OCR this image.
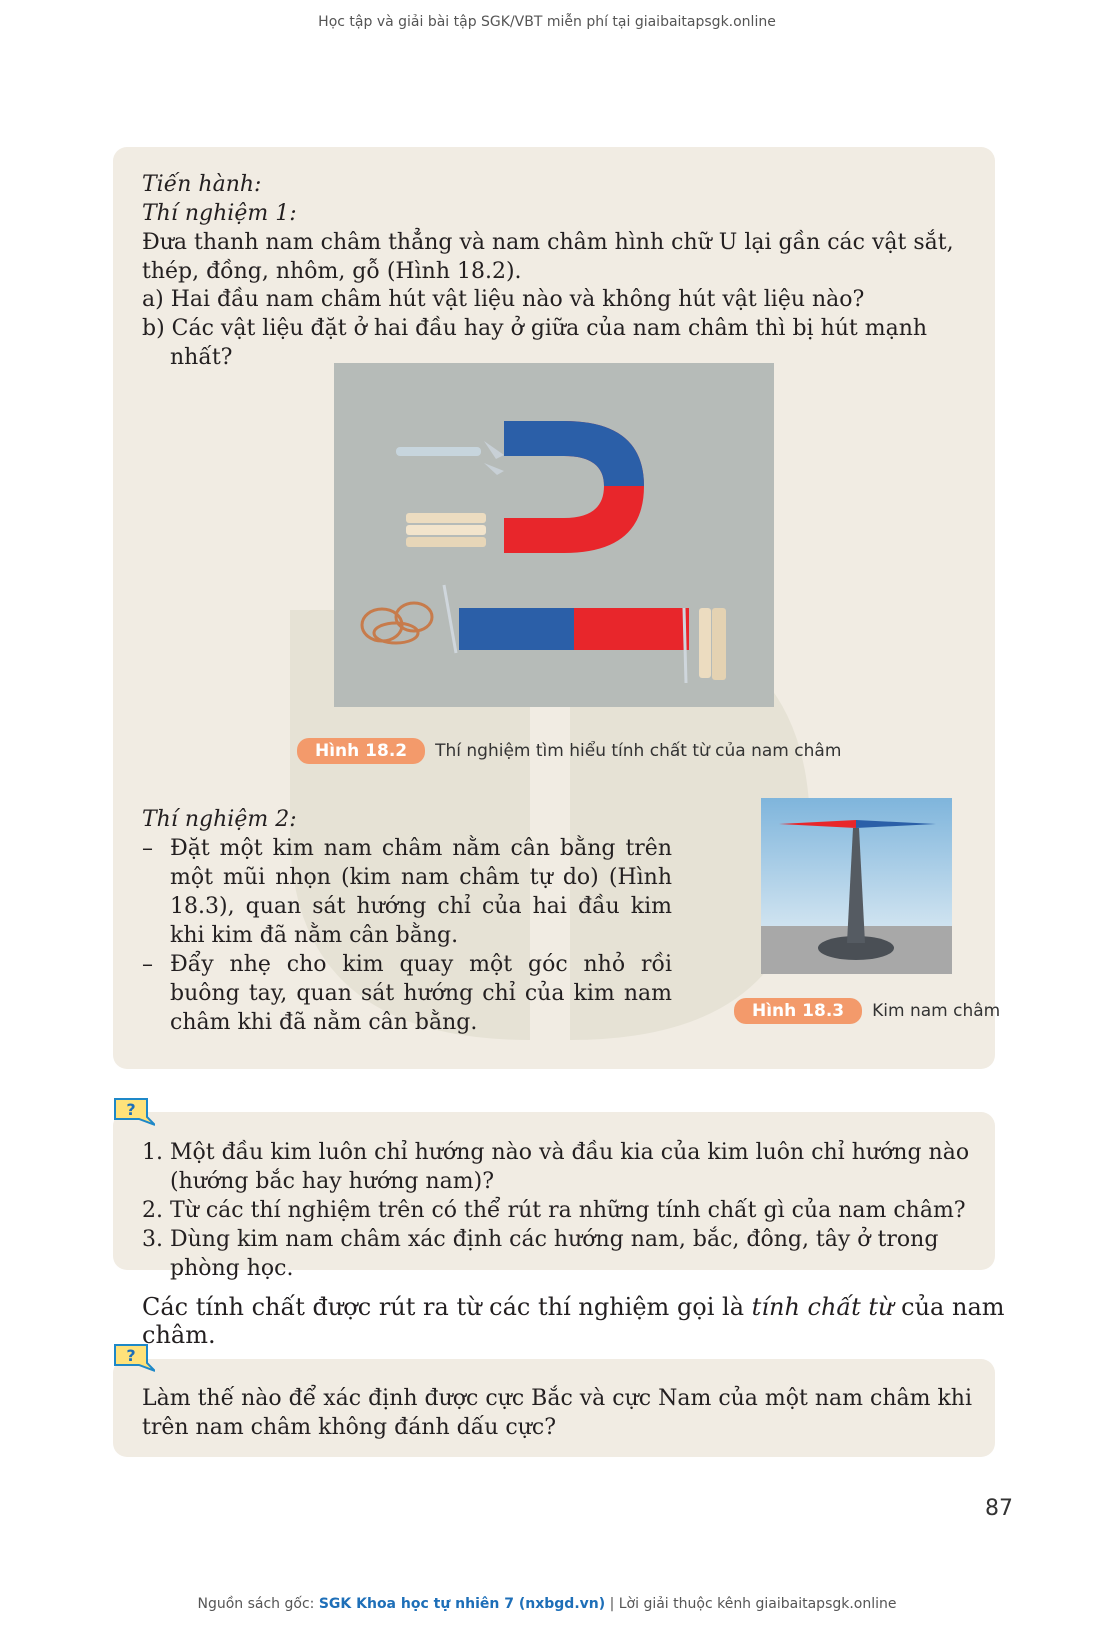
Học tập và giải bài tập SGK/VBT miễn phí tại giaibaitapsgk.online

Tiến hành:

Thí nghiệm 1:

Đưa thanh nam châm thẳng và nam châm hình chữ U lại gần các vật sắt, thép, đồng, nhôm, gỗ (Hình 18.2).

a) Hai đầu nam châm hút vật liệu nào và không hút vật liệu nào?

b) Các vật liệu đặt ở hai đầu hay ở giữa của nam châm thì bị hút mạnh nhất?

Hình 18.2	Thí nghiệm tìm hiểu tính chất từ của nam châm

Thí nghiệm 2:

– Đặt một kim nam châm nằm cân bằng trên một mũi nhọn (kim nam châm tự do) (Hình 18.3), quan sát hướng chỉ của hai đầu kim khi kim đã nằm cân bằng.
– Đẩy nhẹ cho kim quay một góc nhỏ rồi buông tay, quan sát hướng chỉ của kim nam châm khi đã nằm cân bằng.	Hình 18.3	Kim nam châm
?
1. Một đầu kim luôn chỉ hướng nào và đầu kia của kim luôn chỉ hướng nào (hướng bắc hay hướng nam)?
2. Từ các thí nghiệm trên có thể rút ra những tính chất gì của nam châm?
3. Dùng kim nam châm xác định các hướng nam, bắc, đông, tây ở trong phòng học.
Các tính chất được rút ra từ các thí nghiệm gọi là tính chất từ của nam châm.
?

Làm thế nào để xác định được cực Bắc và cực Nam của một nam châm khi trên nam châm không đánh dấu cực?

87
Nguồn sách gốc: SGK Khoa học tự nhiên 7 (nxbgd.vn) | Lời giải thuộc kênh giaibaitapsgk.online
